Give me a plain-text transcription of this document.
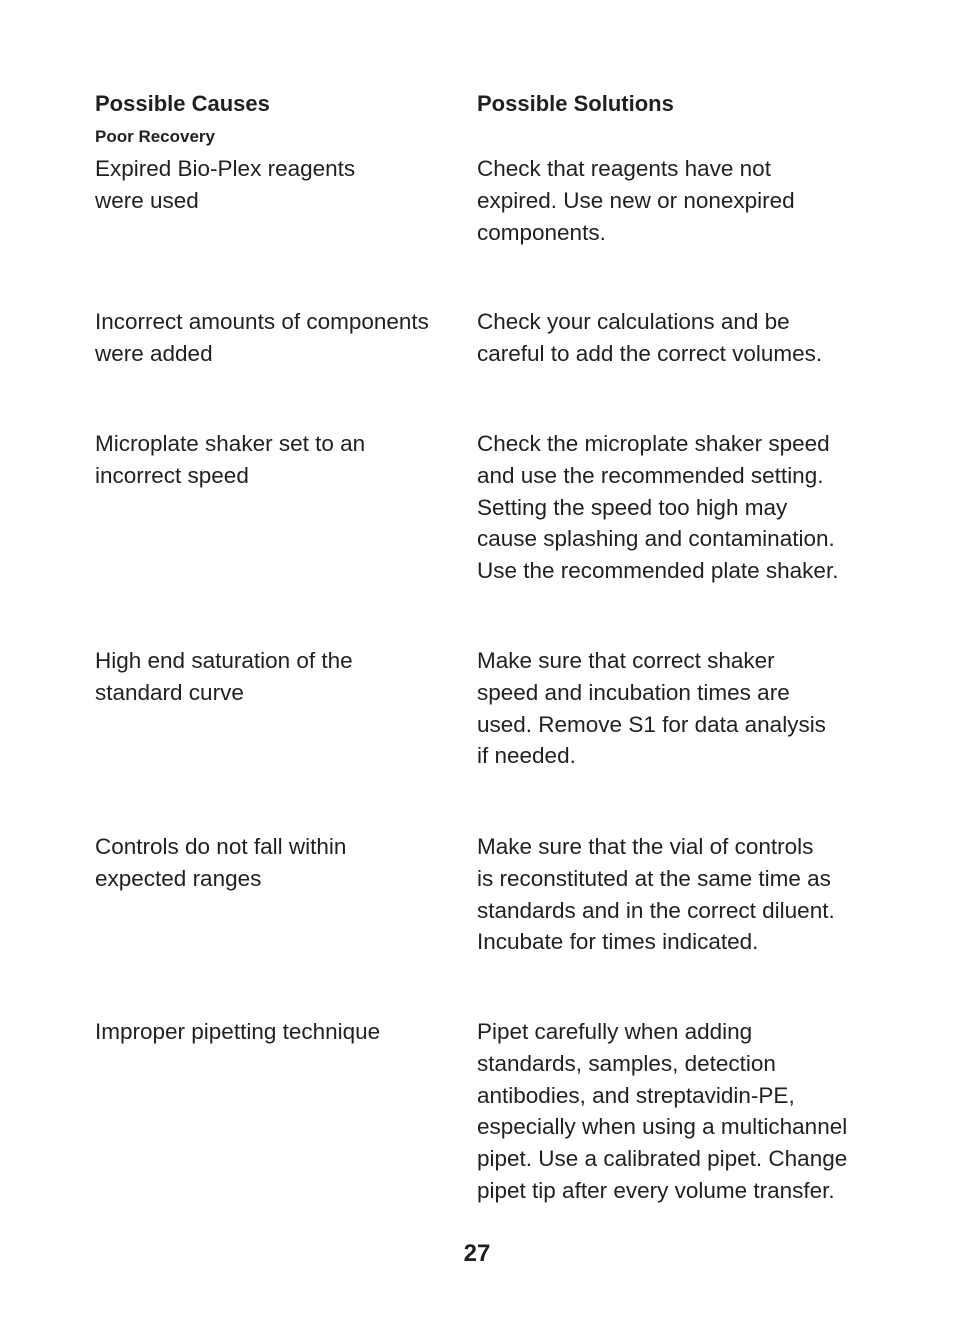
Possible Causes	Possible Solutions
Poor Recovery
Expired Bio-Plex reagents
were used
Check that reagents have not
expired. Use new or nonexpired
components.
Incorrect amounts of components
were added
Check your calculations and be
careful to add the correct volumes.
Microplate shaker set to an
incorrect speed
Check the microplate shaker speed
and use the recommended setting.
Setting the speed too high may
cause splashing and contamination.
Use the recommended plate shaker.
High end saturation of the
standard curve
Make sure that correct shaker
speed and incubation times are
used. Remove S1 for data analysis
if needed.
Controls do not fall within
expected ranges
Make sure that the vial of controls
is reconstituted at the same time as
standards and in the correct diluent.
Incubate for times indicated.
Improper pipetting technique	Pipet carefully when adding
standards, samples, detection
antibodies, and streptavidin-PE,
especially when using a multichannel
pipet. Use a calibrated pipet. Change
pipet tip after every volume transfer.
27
